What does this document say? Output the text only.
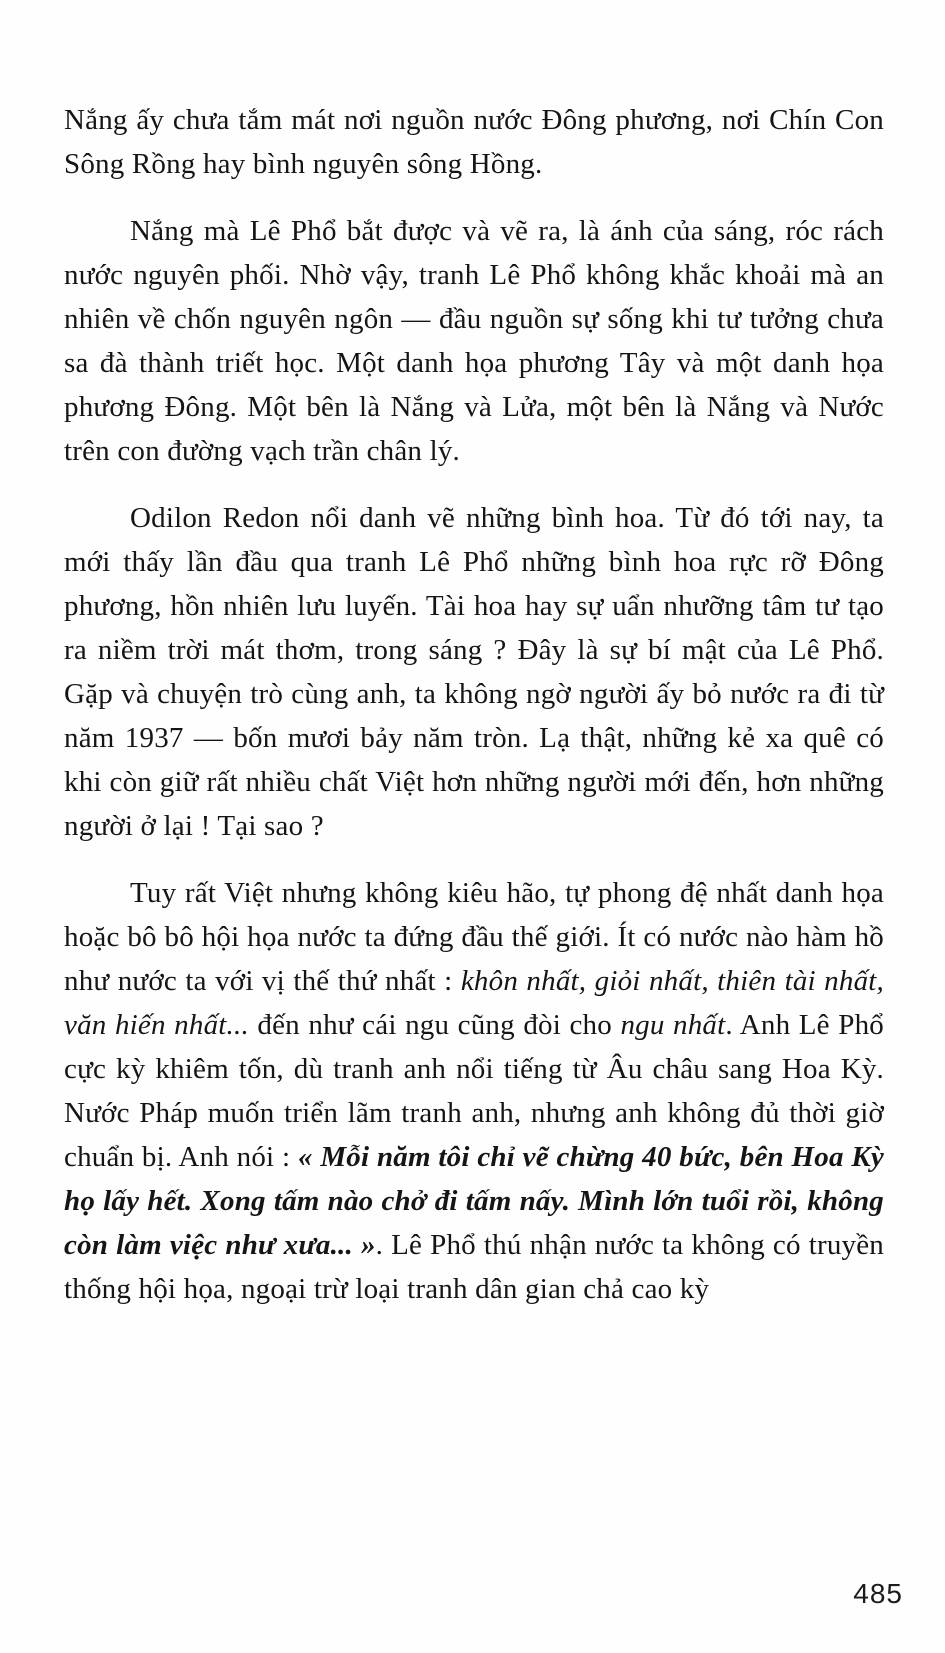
Nắng ấy chưa tắm mát nơi nguồn nước Đông phương, nơi Chín Con Sông Rồng hay bình nguyên sông Hồng.

Nắng mà Lê Phổ bắt được và vẽ ra, là ánh của sáng, róc rách nước nguyên phối. Nhờ vậy, tranh Lê Phổ không khắc khoải mà an nhiên về chốn nguyên ngôn — đầu nguồn sự sống khi tư tưởng chưa sa đà thành triết học. Một danh họa phương Tây và một danh họa phương Đông. Một bên là Nắng và Lửa, một bên là Nắng và Nước trên con đường vạch trần chân lý.

Odilon Redon nổi danh vẽ những bình hoa. Từ đó tới nay, ta mới thấy lần đầu qua tranh Lê Phổ những bình hoa rực rỡ Đông phương, hồn nhiên lưu luyến. Tài hoa hay sự uẩn nhưỡng tâm tư tạo ra niềm trời mát thơm, trong sáng ? Đây là sự bí mật của Lê Phổ. Gặp và chuyện trò cùng anh, ta không ngờ người ấy bỏ nước ra đi từ năm 1937 — bốn mươi bảy năm tròn. Lạ thật, những kẻ xa quê có khi còn giữ rất nhiều chất Việt hơn những người mới đến, hơn những người ở lại ! Tại sao ?

Tuy rất Việt nhưng không kiêu hão, tự phong đệ nhất danh họa hoặc bô bô hội họa nước ta đứng đầu thế giới. Ít có nước nào hàm hồ như nước ta với vị thế thứ nhất : khôn nhất, giỏi nhất, thiên tài nhất, văn hiến nhất... đến như cái ngu cũng đòi cho ngu nhất. Anh Lê Phổ cực kỳ khiêm tốn, dù tranh anh nổi tiếng từ Âu châu sang Hoa Kỳ. Nước Pháp muốn triển lãm tranh anh, nhưng anh không đủ thời giờ chuẩn bị. Anh nói : « Mỗi năm tôi chỉ vẽ chừng 40 bức, bên Hoa Kỳ họ lấy hết. Xong tấm nào chở đi tấm nấy. Mình lớn tuổi rồi, không còn làm việc như xưa... ». Lê Phổ thú nhận nước ta không có truyền thống hội họa, ngoại trừ loại tranh dân gian chả cao kỳ

485
